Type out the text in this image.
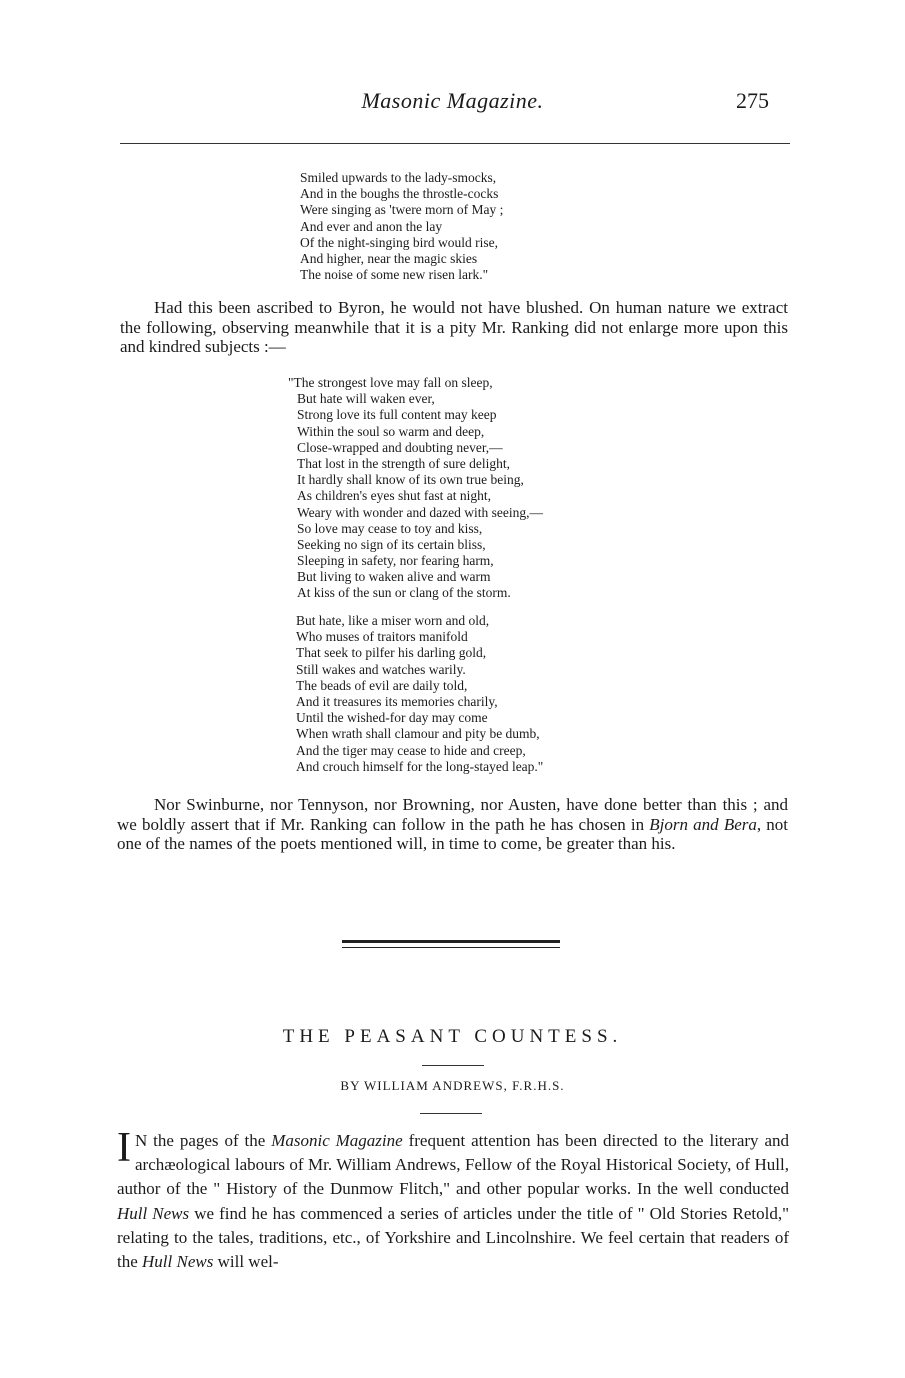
Masonic Magazine.	275
Smiled upwards to the lady-smocks,
And in the boughs the throstle-cocks
Were singing as 'twere morn of May ;
And ever and anon the lay
Of the night-singing bird would rise,
And higher, near the magic skies
The noise of some new risen lark."

Had this been ascribed to Byron, he would not have blushed. On human nature we extract the following, observing meanwhile that it is a pity Mr. Ranking did not enlarge more upon this and kindred subjects :—

"The strongest love may fall on sleep,
But hate will waken ever,
Strong love its full content may keep
Within the soul so warm and deep,
Close-wrapped and doubting never,—
That lost in the strength of sure delight,
It hardly shall know of its own true being,
As children's eyes shut fast at night,
Weary with wonder and dazed with seeing,—
So love may cease to toy and kiss,
Seeking no sign of its certain bliss,
Sleeping in safety, nor fearing harm,
But living to waken alive and warm
At kiss of the sun or clang of the storm.
But hate, like a miser worn and old,
Who muses of traitors manifold
That seek to pilfer his darling gold,
Still wakes and watches warily.
The beads of evil are daily told,
And it treasures its memories charily,
Until the wished-for day may come
When wrath shall clamour and pity be dumb,
And the tiger may cease to hide and creep,
And crouch himself for the long-stayed leap."

Nor Swinburne, nor Tennyson, nor Browning, nor Austen, have done better than this ; and we boldly assert that if Mr. Ranking can follow in the path he has chosen in Bjorn and Bera, not one of the names of the poets mentioned will, in time to come, be greater than his.

THE PEASANT COUNTESS.
BY WILLIAM ANDREWS, F.R.H.S.
I N the pages of the Masonic Magazine frequent attention has been directed to the literary and archæological labours of Mr. William Andrews, Fellow of the Royal Historical Society, of Hull, author of the " History of the Dunmow Flitch," and other popular works. In the well conducted Hull News we find he has commenced a series of articles under the title of " Old Stories Retold," relating to the tales, traditions, etc., of Yorkshire and Lincolnshire. We feel certain that readers of the Hull News will wel-
